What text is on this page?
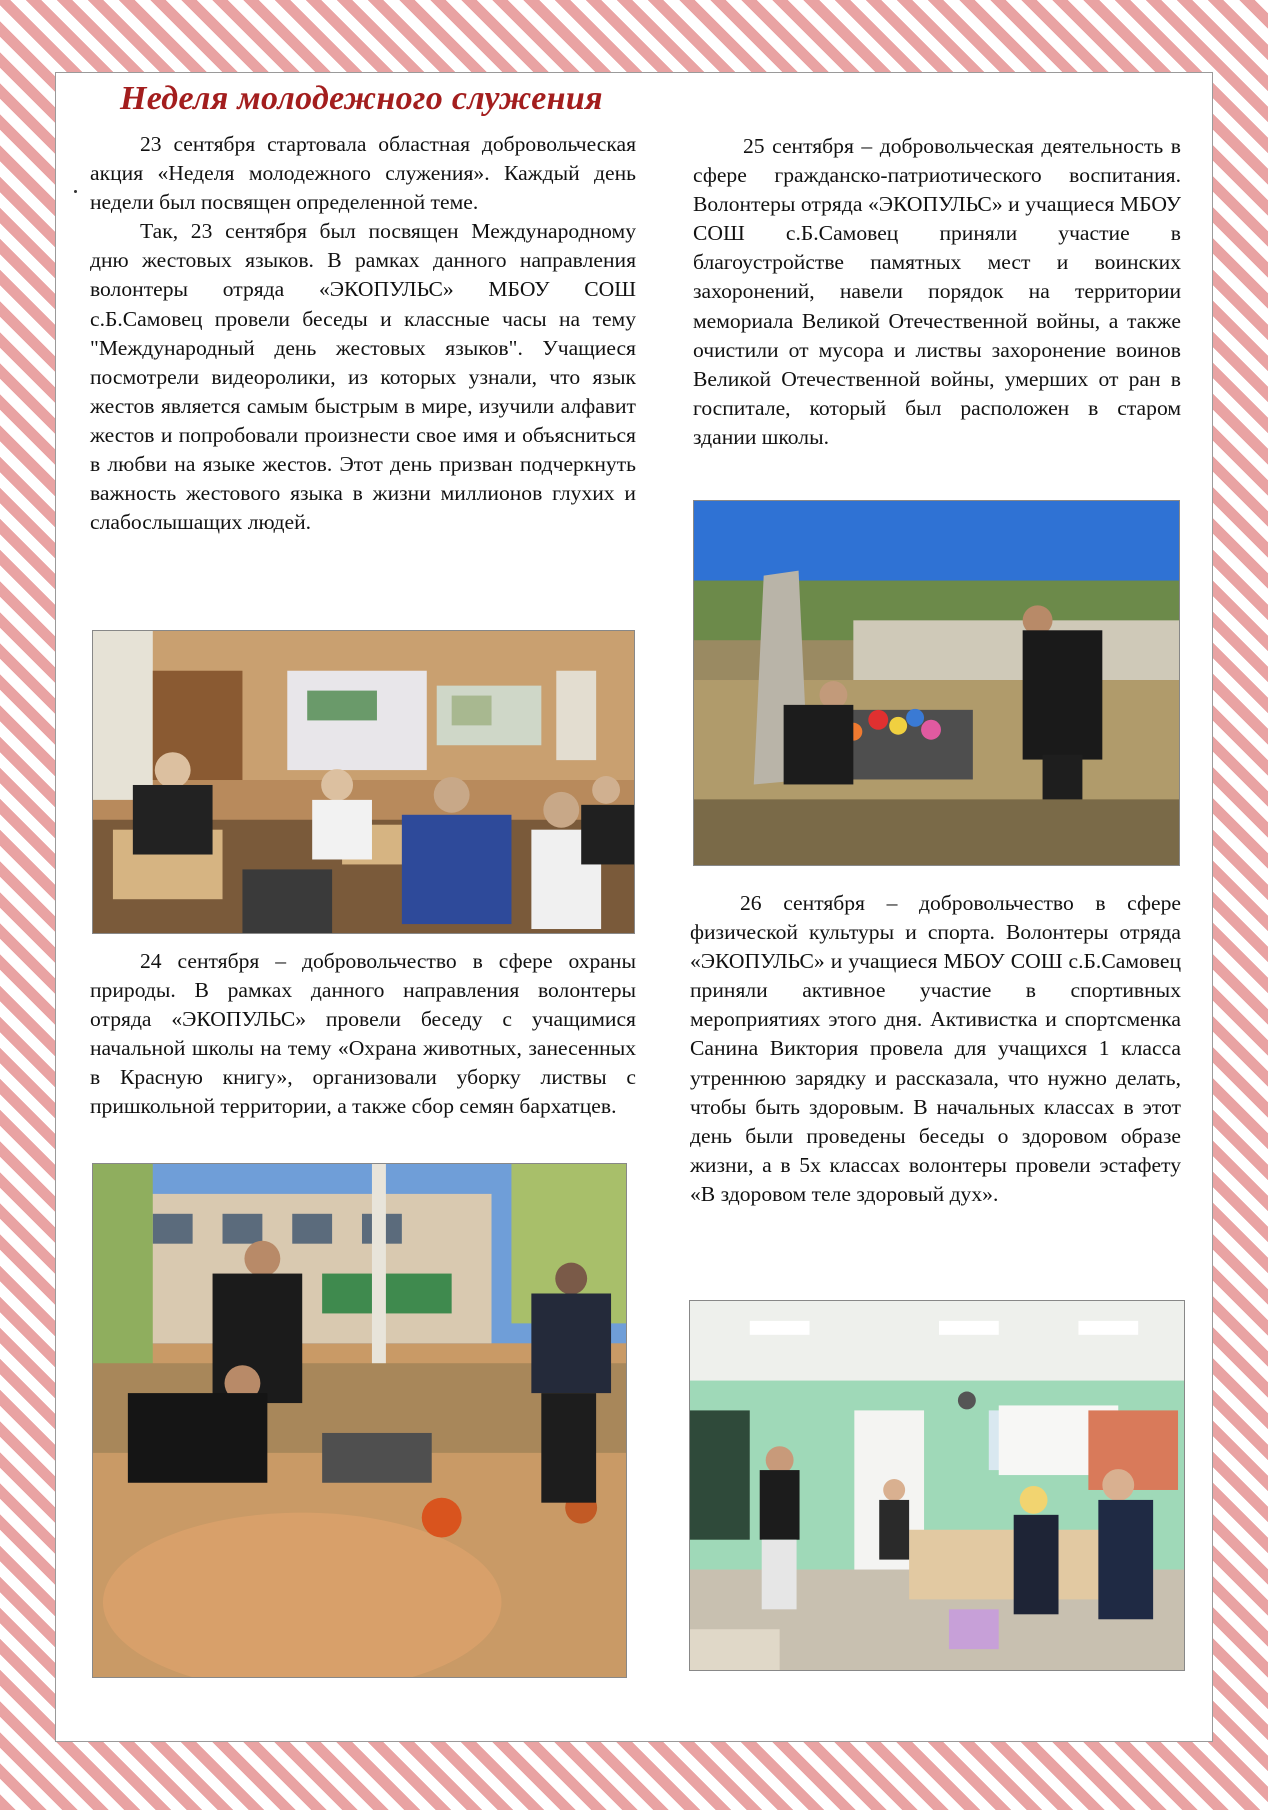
Неделя молодежного служения

23 сентября стартовала областная добровольческая акция «Неделя молодежного служения». Каждый день недели был посвящен определенной теме.

Так, 23 сентября был посвящен Международному дню жестовых языков. В рамках данного направления волонтеры отряда «ЭКОПУЛЬС» МБОУ СОШ с.Б.Самовец провели беседы и классные часы на тему "Международный день жестовых языков". Учащиеся посмотрели видеоролики, из которых узнали, что язык жестов является самым быстрым в мире, изучили алфавит жестов и попробовали произнести свое имя и объясниться в любви на языке жестов. Этот день призван подчеркнуть важность жестового языка в жизни миллионов глухих и слабослышащих людей.

24 сентября – добровольчество в сфере охраны природы. В рамках данного направления волонтеры отряда «ЭКОПУЛЬС» провели беседу с учащимися начальной школы на тему «Охрана животных, занесенных в Красную книгу», организовали уборку листвы с пришкольной территории, а также сбор семян бархатцев.

25 сентября – добровольческая деятельность в сфере гражданско-патриотического воспитания. Волонтеры отряда «ЭКОПУЛЬС» и учащиеся МБОУ СОШ с.Б.Самовец приняли участие в благоустройстве памятных мест и воинских захоронений, навели порядок на территории мемориала Великой Отечественной войны, а также очистили от мусора и листвы захоронение воинов Великой Отечественной войны, умерших от ран в госпитале, который был расположен в старом здании школы.

26 сентября – добровольчество в сфере физической культуры и спорта. Волонтеры отряда «ЭКОПУЛЬС» и учащиеся МБОУ СОШ с.Б.Самовец приняли активное участие в спортивных мероприятиях этого дня. Активистка и спортсменка Санина Виктория провела для учащихся 1 класса утреннюю зарядку и рассказала, что нужно делать, чтобы быть здоровым. В начальных классах в этот день были проведены беседы о здоровом образе жизни, а в 5х классах волонтеры провели эстафету «В здоровом теле здоровый дух».
